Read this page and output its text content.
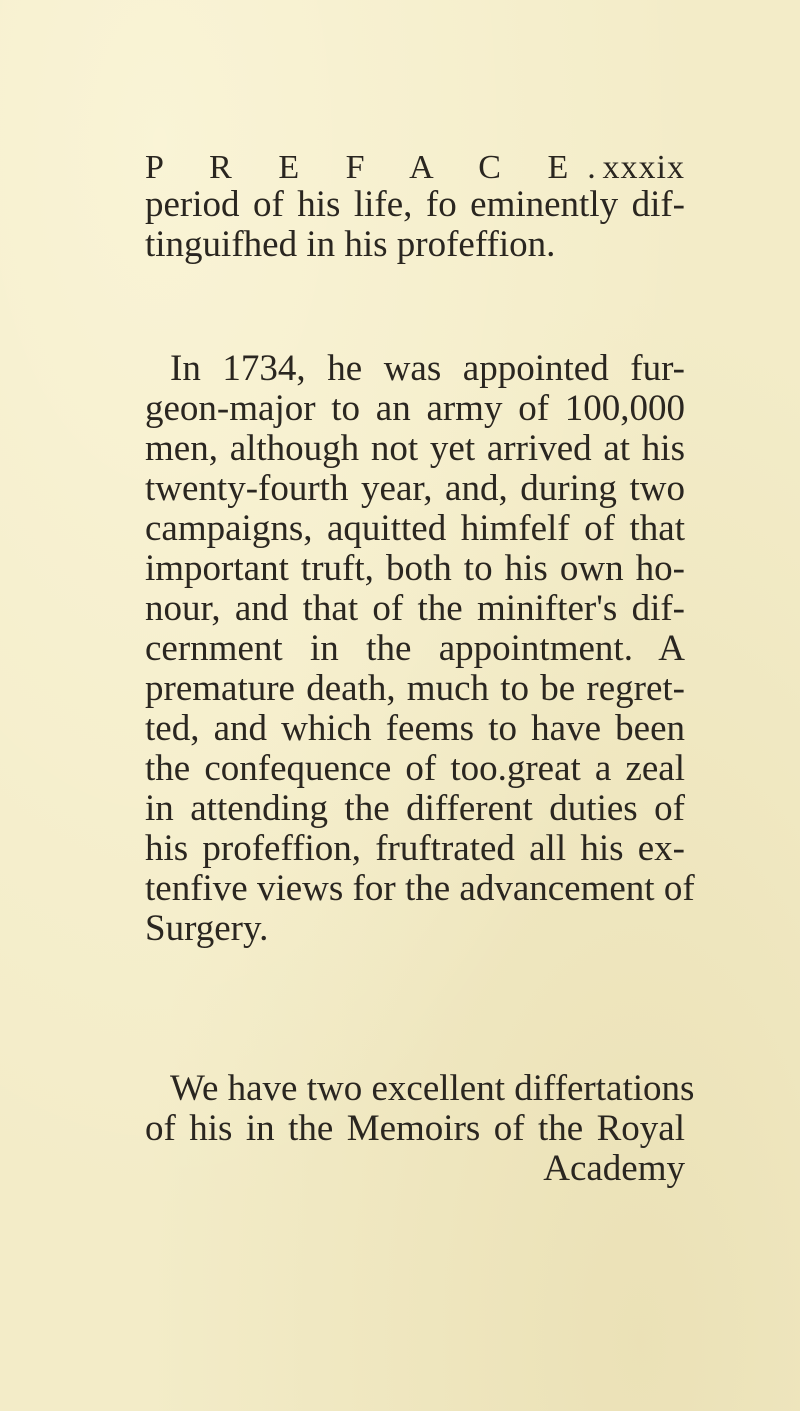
P R E F A C E.
xxxix
period of his life, fo eminently dif-
tinguifhed in his profeffion.
In 1734, he was appointed fur-
geon-major to an army of 100,000
men, although not yet arrived at his
twenty-fourth year, and, during two
campaigns, aquitted himfelf of that
important truft, both to his own ho-
nour, and that of the minifter's dif-
cernment in the appointment. A
premature death, much to be regret-
ted, and which feems to have been
the confequence of too.great a zeal
in attending the different duties of
his profeffion, fruftrated all his ex-
tenfive views for the advancement of
Surgery.
We have two excellent differtations
of his in the Memoirs of the Royal
Academy
